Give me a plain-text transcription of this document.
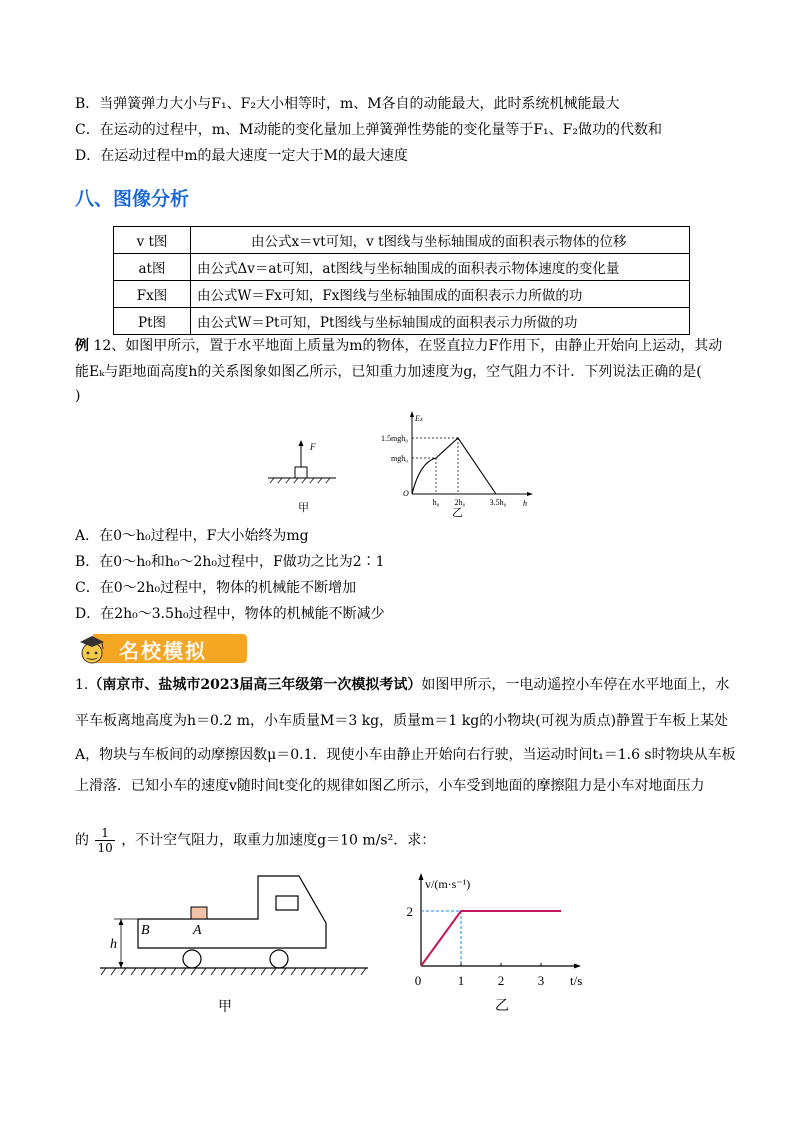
B．当弹簧弹力大小与F₁、F₂大小相等时，m、M各自的动能最大，此时系统机械能最大
C．在运动的过程中，m、M动能的变化量加上弹簧弹性势能的变化量等于F₁、F₂做功的代数和
D．在运动过程中m的最大速度一定大于M的最大速度
八、图像分析
v t图	由公式x＝vt可知，v t图线与坐标轴围成的面积表示物体的位移
at图	由公式Δv＝at可知，at图线与坐标轴围成的面积表示物体速度的变化量
Fx图	由公式W＝Fx可知，Fx图线与坐标轴围成的面积表示力所做的功
Pt图	由公式W＝Pt可知，Pt图线与坐标轴围成的面积表示力所做的功
例 12、如图甲所示，置于水平地面上质量为m的物体，在竖直拉力F作用下，由静止开始向上运动，其动
能Eₖ与距地面高度h的关系图象如图乙所示，已知重力加速度为g，空气阻力不计．下列说法正确的是(
)
F
甲
Eₖ
h
O
1.5mgh₀
mgh₀
h₀ 2h₀	3.5h₀
乙
A．在0～h₀过程中，F大小始终为mg
B．在0～h₀和h₀～2h₀过程中，F做功之比为2∶1
C．在0～2h₀过程中，物体的机械能不断增加
D．在2h₀～3.5h₀过程中，物体的机械能不断减少
名校模拟
1.（南京市、盐城市2023届高三年级第一次模拟考试）如图甲所示，一电动遥控小车停在水平地面上，水
平车板离地高度为h＝0.2 m，小车质量M＝3 kg，质量m＝1 kg的小物块(可视为质点)静置于车板上某处
A，物块与车板间的动摩擦因数μ＝0.1．现使小车由静止开始向右行驶，当运动时间t₁＝1.6 s时物块从车板
上滑落．已知小车的速度v随时间t变化的规律如图乙所示，小车受到地面的摩擦阻力是小车对地面压力
的 $\frac{1}{10}$ ，不计空气阻力，取重力加速度g＝10 m/s²．求：
h
B	A
甲
v/(m·s⁻¹)
t/s
0	1	2	3
2
乙
